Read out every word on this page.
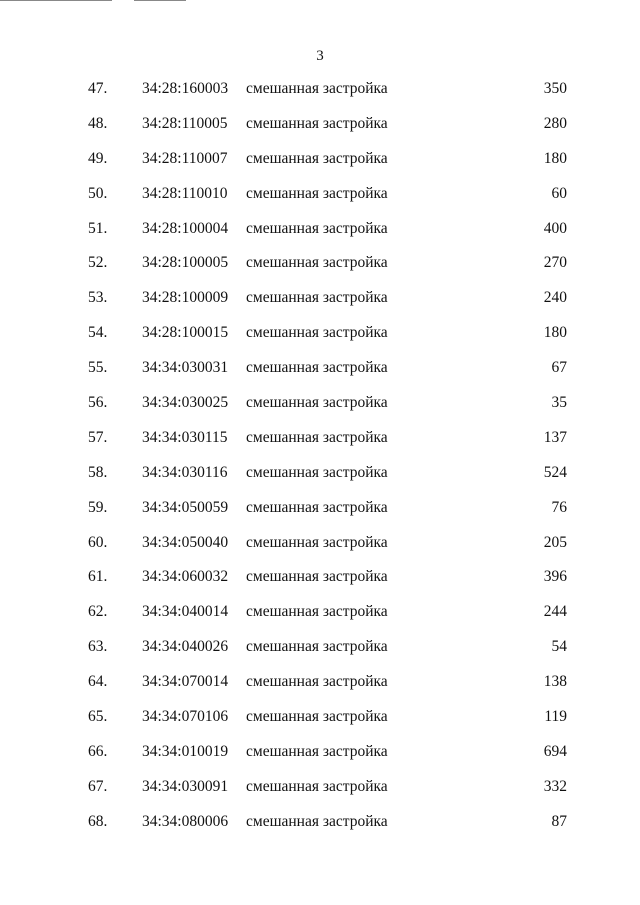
3
47. 34:28:160003 смешанная застройка	350
48. 34:28:110005 смешанная застройка	280
49. 34:28:110007 смешанная застройка	180
50. 34:28:110010 смешанная застройка	60
51. 34:28:100004 смешанная застройка	400
52. 34:28:100005 смешанная застройка	270
53. 34:28:100009 смешанная застройка	240
54. 34:28:100015 смешанная застройка	180
55. 34:34:030031 смешанная застройка	67
56. 34:34:030025 смешанная застройка	35
57. 34:34:030115 смешанная застройка	137
58. 34:34:030116 смешанная застройка	524
59. 34:34:050059 смешанная застройка	76
60. 34:34:050040 смешанная застройка	205
61. 34:34:060032 смешанная застройка	396
62. 34:34:040014 смешанная застройка	244
63. 34:34:040026 смешанная застройка	54
64. 34:34:070014 смешанная застройка	138
65. 34:34:070106 смешанная застройка	119
66. 34:34:010019 смешанная застройка	694
67. 34:34:030091 смешанная застройка	332
68. 34:34:080006 смешанная застройка	87
